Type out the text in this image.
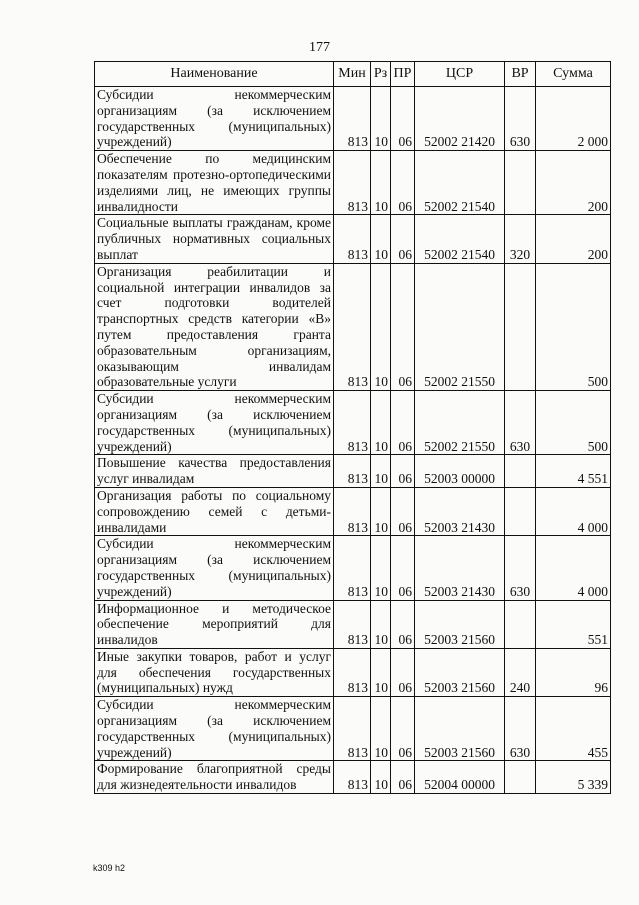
177
Наименование	Мин	Рз	ПР	ЦСР	ВР	Сумма
Субсидии некоммерческим организациям (за исключением государственных (муниципальных) учреждений)	813	10	06	52002 21420	630	2 000
Обеспечение по медицинским показателям протезно-ортопедическими изделиями лиц, не имеющих группы инвалидности	813	10	06	52002 21540		200
Социальные выплаты гражданам, кроме публичных нормативных социальных выплат	813	10	06	52002 21540	320	200
Организация реабилитации и социальной интеграции инвалидов за счет подготовки водителей транспортных средств категории «В» путем предоставления гранта образовательным организациям, оказывающим инвалидам образовательные услуги	813	10	06	52002 21550		500
Субсидии некоммерческим организациям (за исключением государственных (муниципальных) учреждений)	813	10	06	52002 21550	630	500
Повышение качества предоставления услуг инвалидам	813	10	06	52003 00000		4 551
Организация работы по социальному сопровождению семей с детьми-инвалидами	813	10	06	52003 21430		4 000
Субсидии некоммерческим организациям (за исключением государственных (муниципальных) учреждений)	813	10	06	52003 21430	630	4 000
Информационное и методическое обеспечение мероприятий для инвалидов	813	10	06	52003 21560		551
Иные закупки товаров, работ и услуг для обеспечения государственных (муниципальных) нужд	813	10	06	52003 21560	240	96
Субсидии некоммерческим организациям (за исключением государственных (муниципальных) учреждений)	813	10	06	52003 21560	630	455
Формирование благоприятной среды для жизнедеятельности инвалидов	813	10	06	52004 00000		5 339
k309 h2
